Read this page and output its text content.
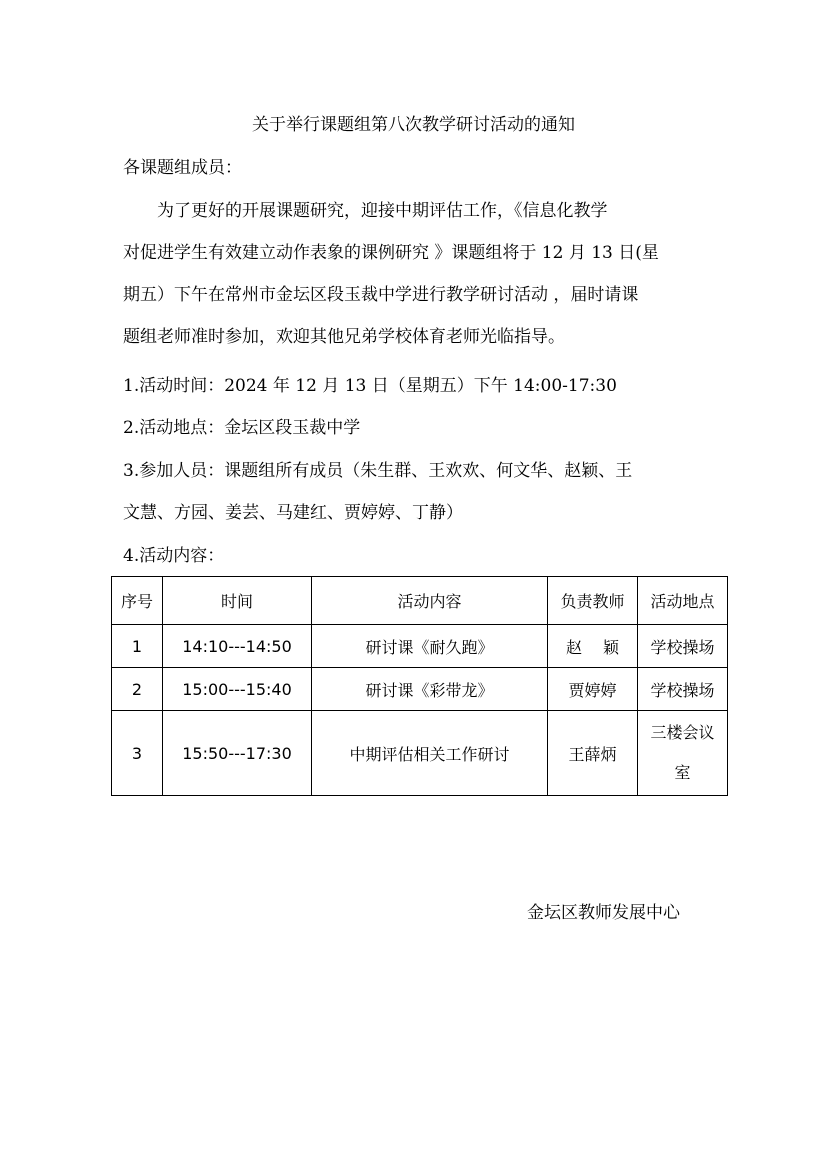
关于举行课题组第八次教学研讨活动的通知
各课题组成员：
　　为了更好的开展课题研究，迎接中期评估工作，《信息化教学
对促进学生有效建立动作表象的课例研究 》课题组将于 12 月 13 日(星
期五）下午在常州市金坛区段玉裁中学进行教学研讨活动 ，届时请课
题组老师准时参加，欢迎其他兄弟学校体育老师光临指导。
1.活动时间：2024 年 12 月 13 日（星期五）下午 14:00-17:30
2.活动地点：金坛区段玉裁中学
3.参加人员：课题组所有成员（朱生群、王欢欢、何文华、赵颖、王
文慧、方园、姜芸、马建红、贾婷婷、丁静）
4.活动内容：
序号	时间	活动内容	负责教师	活动地点
1	14:10---14:50	研讨课《耐久跑》	赵　 颖	学校操场
2	15:00---15:40	研讨课《彩带龙》	贾婷婷	学校操场
3	15:50---17:30	中期评估相关工作研讨	王薛炳	三楼会议
室
金坛区教师发展中心
